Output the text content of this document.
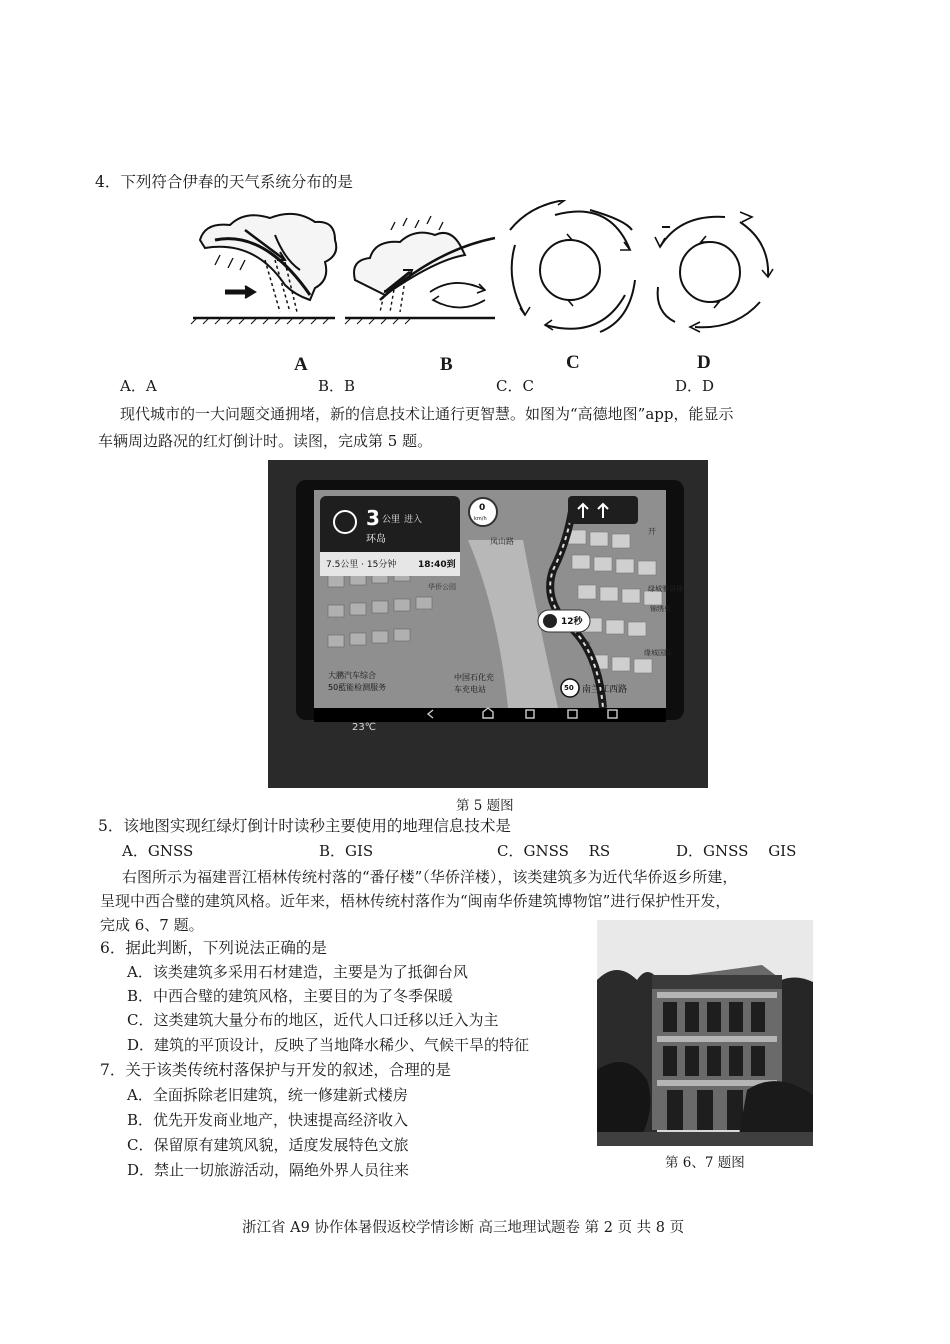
4．下列符合伊春的天气系统分布的是
A	B	C	D
A．A	B．B	C．C	D．D
现代城市的一大问题交通拥堵，新的信息技术让通行更智慧。如图为“高德地图”app，能显示
车辆周边路况的红灯倒计时。读图，完成第 5 题。
3 公里 进入
环岛
7.5公里 · 15分钟 18:40到
0
km/h
凤山路
华侨公园
幵
绿城雅居楼
锦绣苑
缘城国际
北
12秒
大鹏汽车综合
50藍能检测服务
中国石化充
车充电站	50 南兰江西路
23℃
第 5 题图
5．该地图实现红绿灯倒计时读秒主要使用的地理信息技术是
A．GNSS	B．GIS	C．GNSS　 RS	D．GNSS　 GIS
右图所示为福建晋江梧林传统村落的“番仔楼”（华侨洋楼），该类建筑多为近代华侨返乡所建，
呈现中西合璧的建筑风格。近年来，梧林传统村落作为“闽南华侨建筑博物馆”进行保护性开发，
完成 6、7 题。
第 6、7 题图
6．据此判断，下列说法正确的是
A．该类建筑多采用石材建造，主要是为了抵御台风
B．中西合璧的建筑风格，主要目的为了冬季保暖
C．这类建筑大量分布的地区，近代人口迁移以迁入为主
D．建筑的平顶设计，反映了当地降水稀少、气候干旱的特征
7．关于该类传统村落保护与开发的叙述，合理的是
A．全面拆除老旧建筑，统一修建新式楼房
B．优先开发商业地产，快速提高经济收入
C．保留原有建筑风貌，适度发展特色文旅
D．禁止一切旅游活动，隔绝外界人员往来
浙江省 A9 协作体暑假返校学情诊断 高三地理试题卷 第 2 页 共 8 页
